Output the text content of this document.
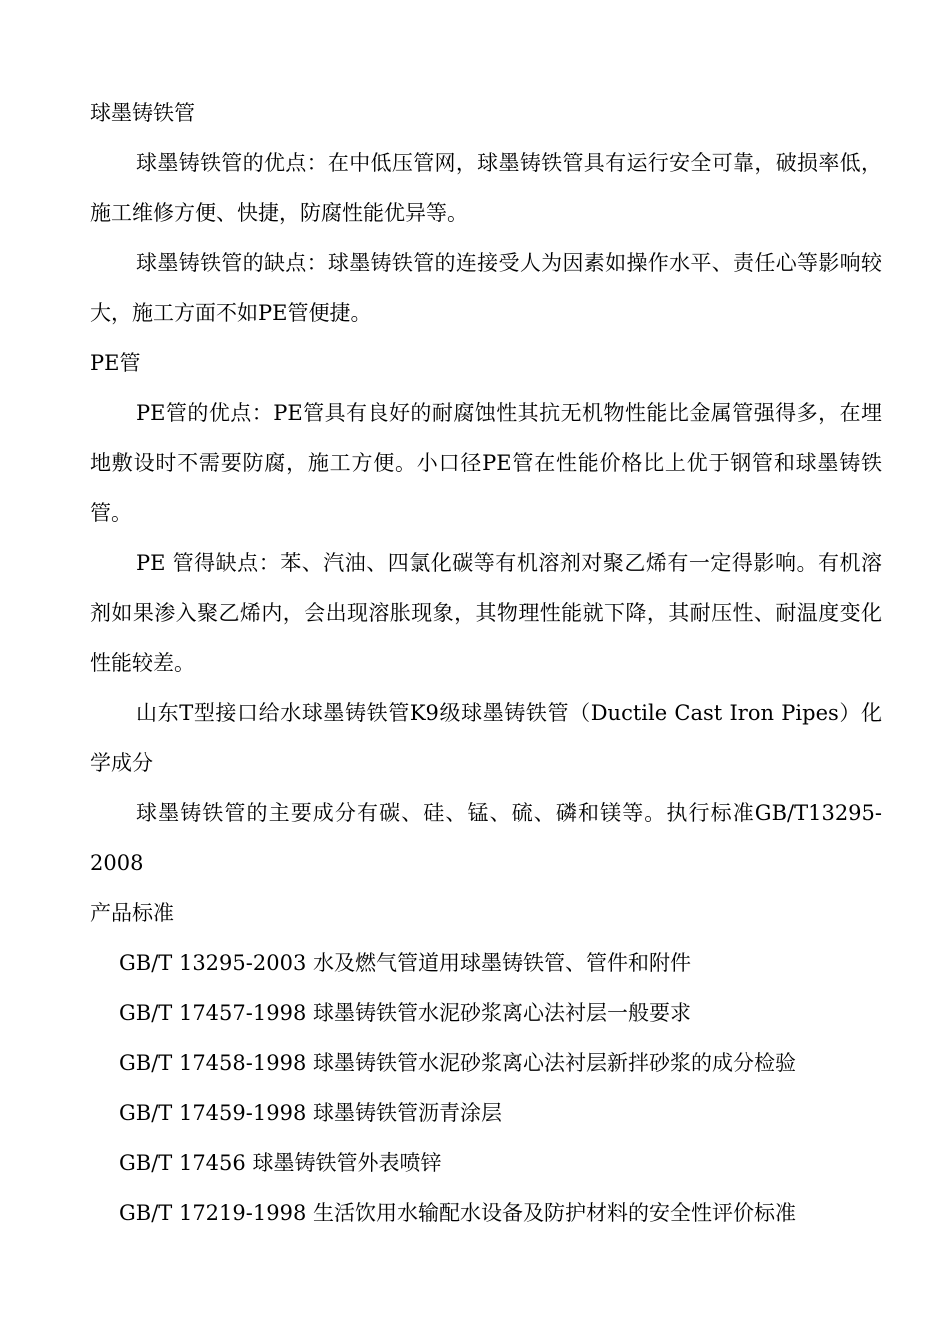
球墨铸铁管

球墨铸铁管的优点：在中低压管网，球墨铸铁管具有运行安全可靠，破损率低，施工维修方便、快捷，防腐性能优异等。

球墨铸铁管的缺点：球墨铸铁管的连接受人为因素如操作水平、责任心等影响较大，施工方面不如PE管便捷。

PE管

PE管的优点：PE管具有良好的耐腐蚀性其抗无机物性能比金属管强得多，在埋地敷设时不需要防腐，施工方便。小口径PE管在性能价格比上优于钢管和球墨铸铁管。

PE 管得缺点：苯、汽油、四氯化碳等有机溶剂对聚乙烯有一定得影响。有机溶剂如果渗入聚乙烯内，会出现溶胀现象，其物理性能就下降，其耐压性、耐温度变化性能较差。

山东T型接口给水球墨铸铁管K9级球墨铸铁管（Ductile Cast Iron Pipes）化学成分

球墨铸铁管的主要成分有碳、硅、锰、硫、磷和镁等。执行标准GB/T13295-2008

产品标准

GB/T 13295-2003 水及燃气管道用球墨铸铁管、管件和附件
GB/T 17457-1998 球墨铸铁管水泥砂浆离心法衬层一般要求
GB/T 17458-1998 球墨铸铁管水泥砂浆离心法衬层新拌砂浆的成分检验
GB/T 17459-1998 球墨铸铁管沥青涂层
GB/T 17456 球墨铸铁管外表喷锌
GB/T 17219-1998 生活饮用水输配水设备及防护材料的安全性评价标准
